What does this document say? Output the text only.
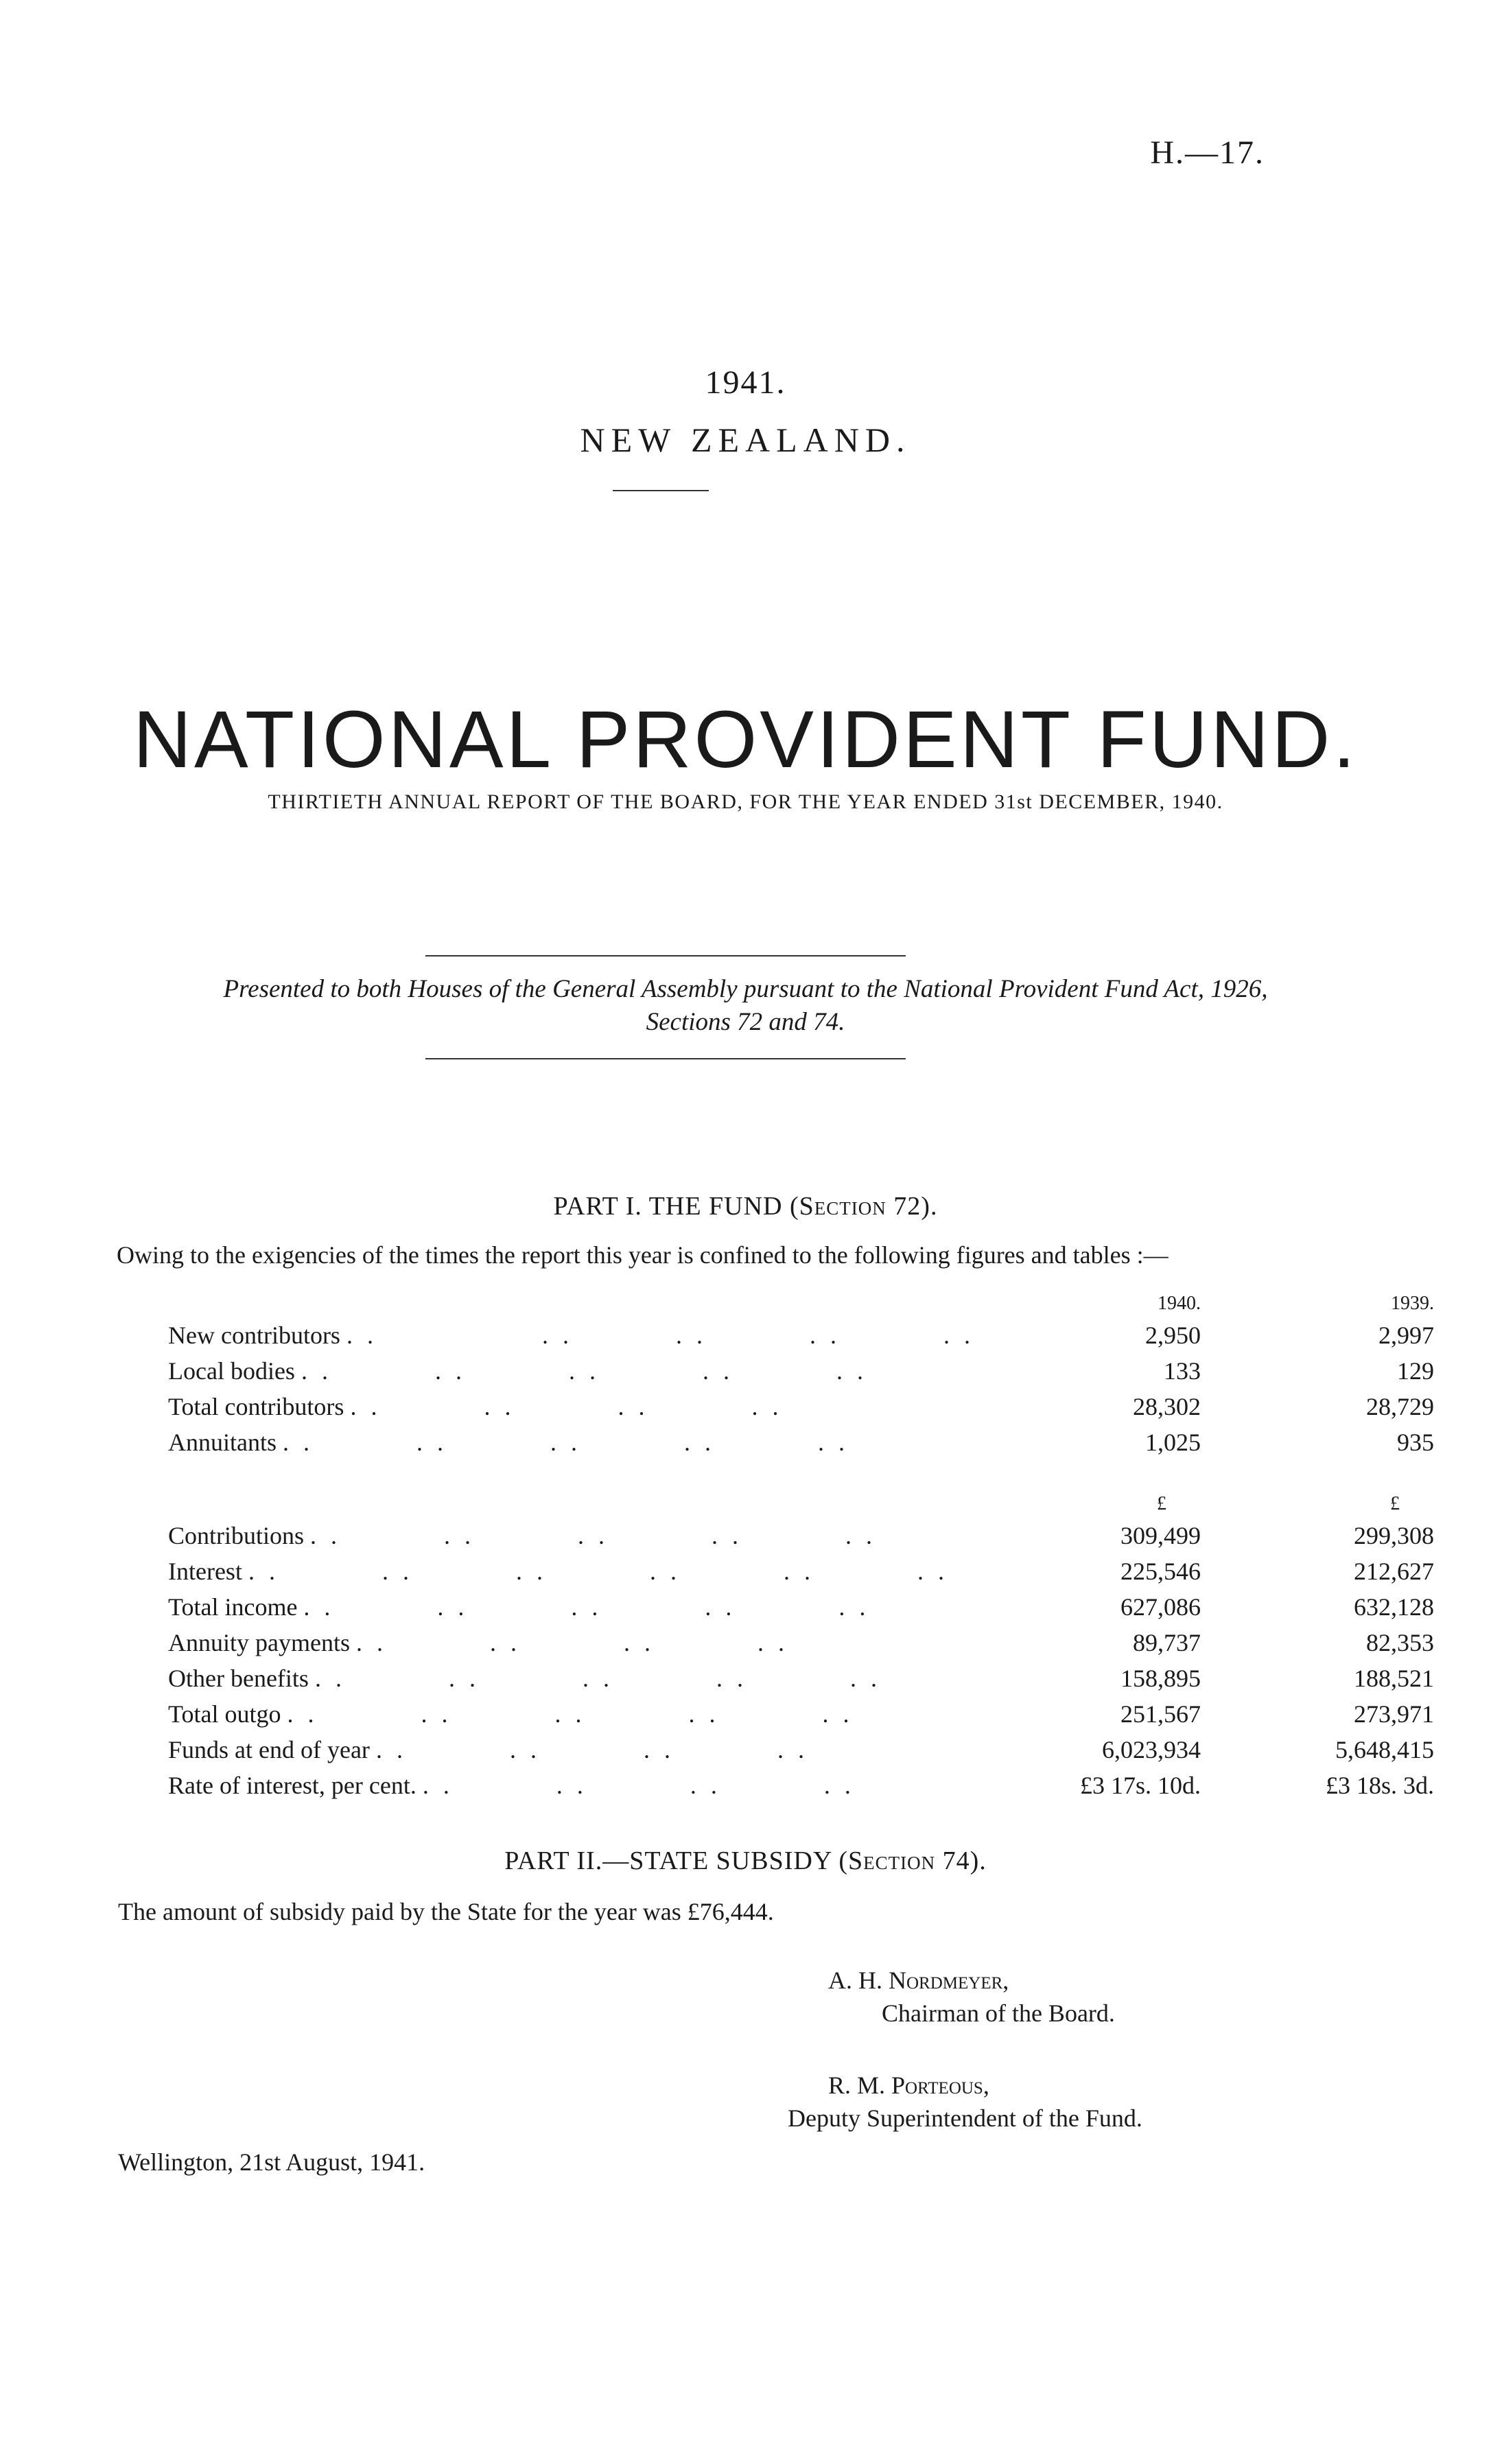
H.—17.
1941.
NEW ZEALAND.
NATIONAL PROVIDENT FUND.
THIRTIETH ANNUAL REPORT OF THE BOARD, FOR THE YEAR ENDED 31st DECEMBER, 1940.
Presented to both Houses of the General Assembly pursuant to the National Provident Fund Act, 1926,
Sections 72 and 74.
PART I. THE FUND (Section 72).
Owing to the exigencies of the times the report this year is confined to the following figures and tables :—
	1940.	1939.
New contributors . .                . .          . .          . .          . .	2,950	2,997
Local bodies . .          . .          . .          . .          . .	133	129
Total contributors . .          . .          . .          . .	28,302	28,729
Annuitants . .          . .          . .          . .          . .	1,025	935

	£	£
Contributions . .          . .          . .          . .          . .	309,499	299,308
Interest . .          . .          . .          . .          . .          . .	225,546	212,627
Total income . .          . .          . .          . .          . .	627,086	632,128
Annuity payments . .          . .          . .          . .	89,737	82,353
Other benefits . .          . .          . .          . .          . .	158,895	188,521
Total outgo . .          . .          . .          . .          . .	251,567	273,971
Funds at end of year . .          . .          . .          . .	6,023,934	5,648,415
Rate of interest, per cent. . .          . .          . .          . .	£3 17s. 10d.	£3 18s. 3d.
PART II.—STATE SUBSIDY (Section 74).
The amount of subsidy paid by the State for the year was £76,444.
A. H. Nordmeyer,
Chairman of the Board.
R. M. Porteous,
Deputy Superintendent of the Fund.
Wellington, 21st August, 1941.
